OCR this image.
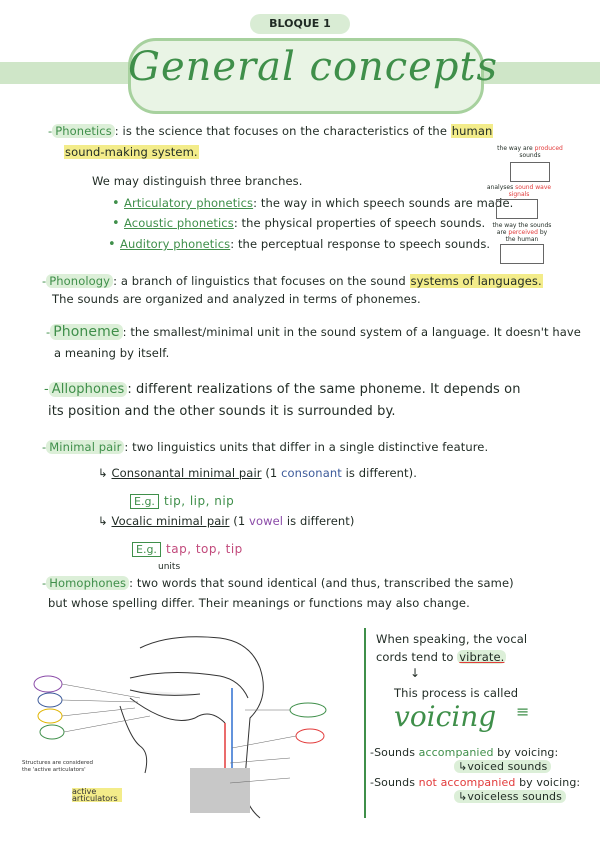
BLOQUE 1
General concepts
- Phonetics : is the science that focuses on the characteristics of the human
sound-making system.
We may distinguish three branches.
• Articulatory phonetics: the way in which speech sounds are made.
• Acoustic phonetics: the physical properties of speech sounds.
• Auditory phonetics: the perceptual response to speech sounds.
the way are produced sounds
analyses sound wave signals
the way the sounds are perceived by the human
- Phonology : a branch of linguistics that focuses on the sound systems of languages.
The sounds are organized and analyzed in terms of phonemes.
- Phoneme : the smallest/minimal unit in the sound system of a language. It doesn't have
a meaning by itself.
- Allophones : different realizations of the same phoneme. It depends on
its position and the other sounds it is surrounded by.
- Minimal pair : two linguistics units that differ in a single distinctive feature.
↳ Consonantal minimal pair (1 consonant is different).
E.g. tip, lip, nip
↳ Vocalic minimal pair (1 vowel is different)
E.g. tap, top, tip
units
- Homophones : two words that sound identical (and thus, transcribed the same)
but whose spelling differ. Their meanings or functions may also change.
Structures are considered
the 'active articulators'
active articulators
When speaking, the vocal
cords tend to vibrate.
↓
This process is called
voicing ≡
-Sounds accompanied by voicing:
↳voiced sounds
-Sounds not accompanied by voicing:
↳voiceless sounds
